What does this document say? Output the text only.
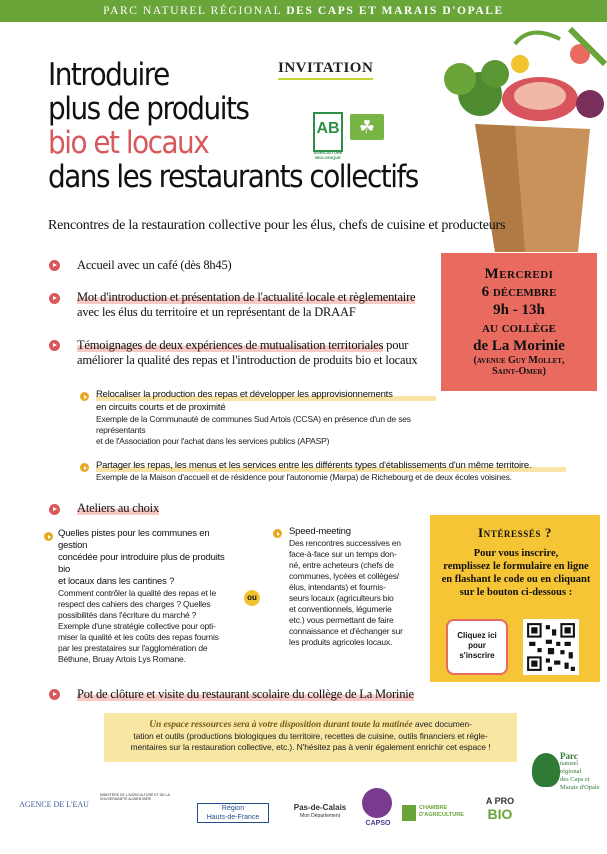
PARC NATUREL RÉGIONAL DES CAPS ET MARAIS D'OPALE
Introduire
plus de produits
bio et locaux
dans les restaurants collectifs
INVITATION
AB
AGRICULTURE BIOLOGIQUE
☘
Rencontres de la restauration collective pour les élus, chefs de cuisine et producteurs
Accueil avec un café (dès 8h45)
Mot d'introduction et présentation de l'actualité locale et règlementaire
avec les élus du territoire et un représentant de la DRAAF
Témoignages de deux expériences de mutualisation territoriales pour
améliorer la qualité des repas et l'introduction de produits bio et locaux
Relocaliser la production des repas et développer les approvisionnements
en circuits courts et de proximité
Exemple de la Communauté de communes Sud Artois (CCSA) en présence d'un de ses représentants
et de l'Association pour l'achat dans les services publics (APASP)
Partager les repas, les menus et les services entre les différents types d'établissements d'un même territoire.
Exemple de la Maison d'accueil et de résidence pour l'autonomie (Marpa) de Richebourg et de deux écoles voisines.
Ateliers au choix
Mercredi
6 décembre
9h - 13h
au collège
de La Morinie
(avenue Guy Mollet,
Saint-Omer)
Quelles pistes pour les communes en gestion
concédée pour introduire plus de produits bio
et locaux dans les cantines ?
Comment contrôler la qualité des repas et le
respect des cahiers des charges ? Quelles
possibilités dans l'écriture du marché ?
Exemple d'une stratégie collective pour opti-
miser la qualité et les coûts des repas fournis
par les prestataires sur l'agglomération de
Béthune, Bruay Artois Lys Romane.
ou
Speed-meeting
Des rencontres successives en
face-à-face sur un temps don-
né, entre acheteurs (chefs de
communes, lycées et collèges/
élus, intendants) et fournis-
seurs locaux (agriculteurs bio
et conventionnels, légumerie
etc.) vous permettant de faire
connaissance et d'échanger sur
les produits agricoles locaux.
Intéressés ?
Pour vous inscrire,
remplissez le formulaire en ligne
en flashant le code ou en cliquant
sur le bouton ci-dessous :
Cliquez ici
pour
s'inscrire
Pot de clôture et visite du restaurant scolaire du collège de La Morinie
Un espace ressources sera à votre disposition durant toute la matinée avec documen-
tation et outils (productions biologiques du territoire, recettes de cuisine, outils financiers et régle-
mentaires sur la restauration collective, etc.). N'hésitez pas à venir également enrichir cet espace !
AGENCE DE L'EAU
MINISTÈRE DE L'AGRICULTURE ET DE LA SOUVERAINETÉ ALIMENTAIRE
Région
Hauts-de-France
Pas-de-Calais
Mon Département
CAPSO
CHAMBRE
D'AGRICULTURE
A PRO
BIO
Parc
naturel
régional
des Caps et
Marais d'Opale
